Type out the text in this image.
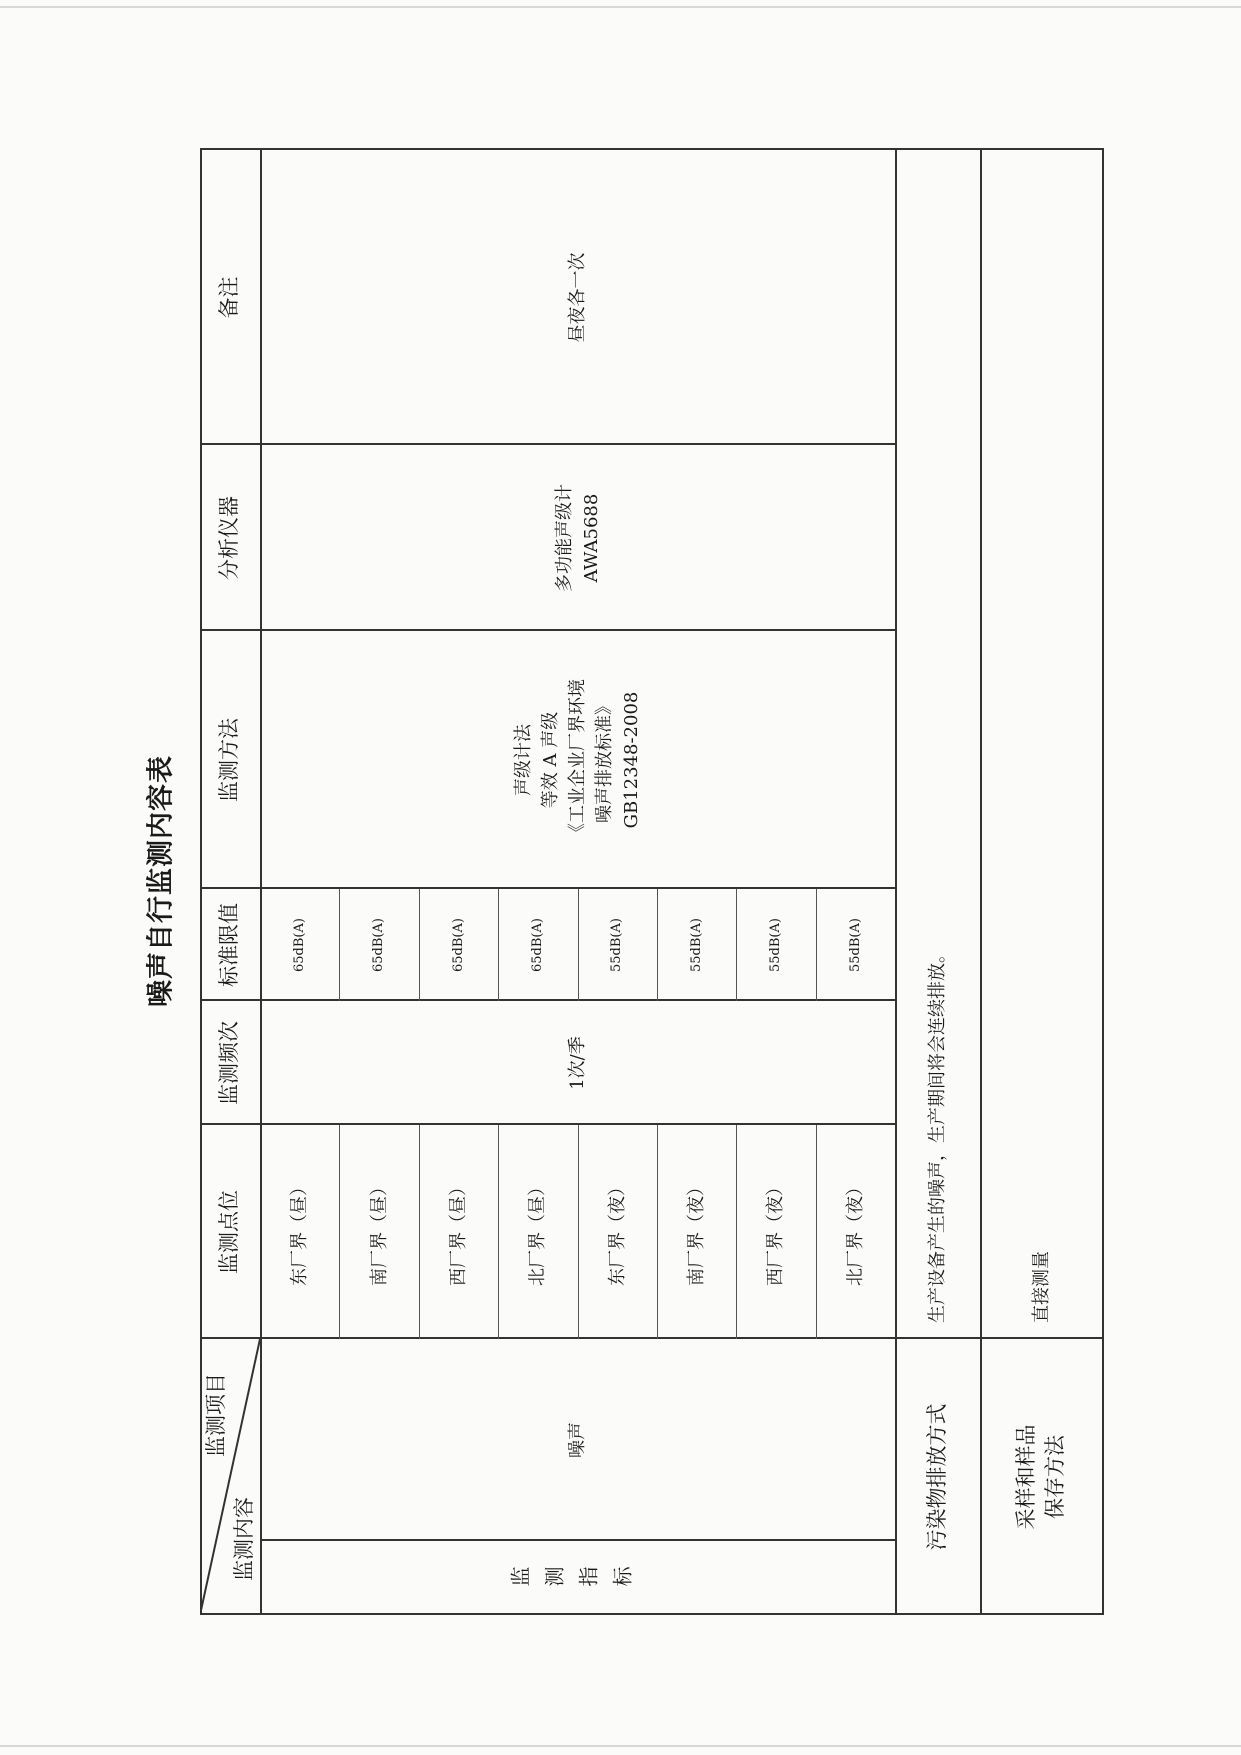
噪声自行监测内容表
监测项目
监测内容
监测点位
监测频次
标准限值
监测方法
分析仪器
备注
监测指标
噪声
东厂界（昼）
65dB(A)
南厂界（昼）
65dB(A)
西厂界（昼）
65dB(A)
北厂界（昼）
65dB(A)
东厂界（夜）
55dB(A)
南厂界（夜）
55dB(A)
西厂界（夜）
55dB(A)
北厂界（夜）
55dB(A)
1次/季
声级计法 等效 A 声级 《工业企业厂界环境 噪声排放标准》 GB12348-2008
多功能声级计 AWA5688
昼夜各一次
污染物排放方式
生产设备产生的噪声，生产期间将会连续排放。
采样和样品 保存方法
直接测量
